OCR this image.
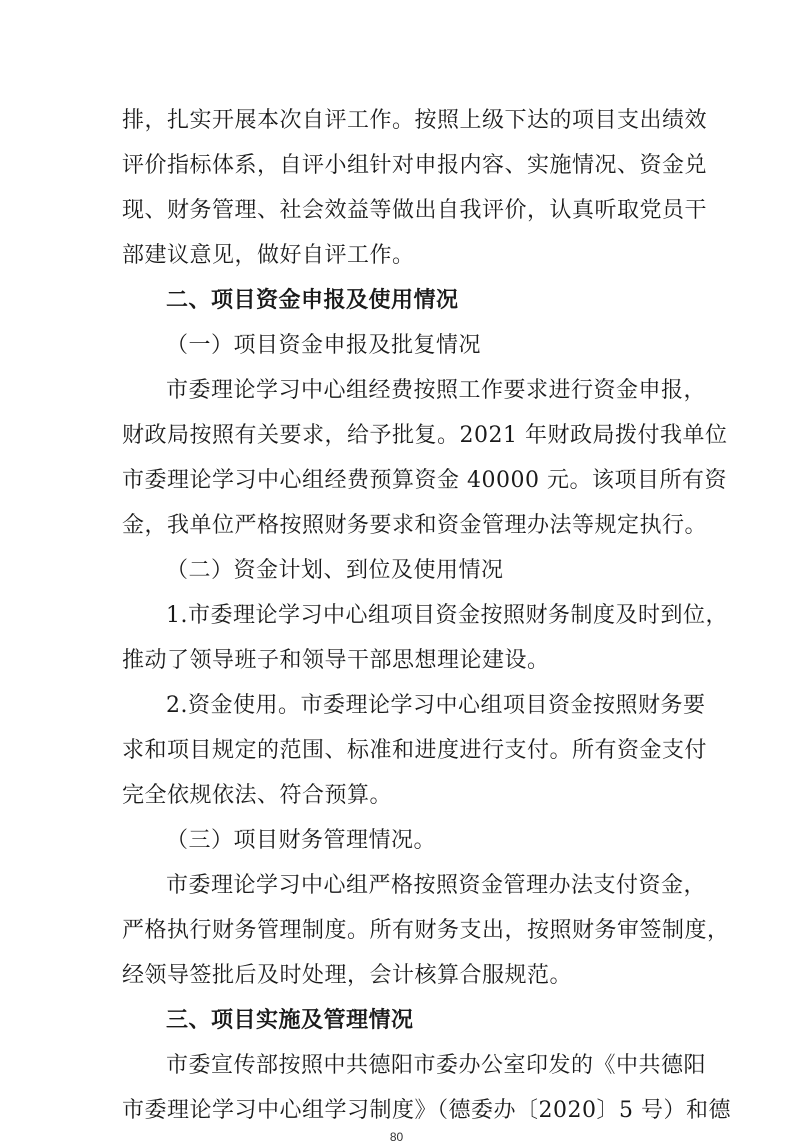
排，扎实开展本次自评工作。按照上级下达的项目支出绩效
评价指标体系，自评小组针对申报内容、实施情况、资金兑
现、财务管理、社会效益等做出自我评价，认真听取党员干
部建议意见，做好自评工作。
二、项目资金申报及使用情况
（一）项目资金申报及批复情况
市委理论学习中心组经费按照工作要求进行资金申报，
财政局按照有关要求，给予批复。2021 年财政局拨付我单位
市委理论学习中心组经费预算资金 40000 元。该项目所有资
金，我单位严格按照财务要求和资金管理办法等规定执行。
（二）资金计划、到位及使用情况
1.市委理论学习中心组项目资金按照财务制度及时到位，
推动了领导班子和领导干部思想理论建设。
2.资金使用。市委理论学习中心组项目资金按照财务要
求和项目规定的范围、标准和进度进行支付。所有资金支付
完全依规依法、符合预算。
（三）项目财务管理情况。
市委理论学习中心组严格按照资金管理办法支付资金，
严格执行财务管理制度。所有财务支出，按照财务审签制度，
经领导签批后及时处理，会计核算合服规范。
三、项目实施及管理情况
市委宣传部按照中共德阳市委办公室印发的《中共德阳
市委理论学习中心组学习制度》（德委办〔2020〕5 号）和德
80
